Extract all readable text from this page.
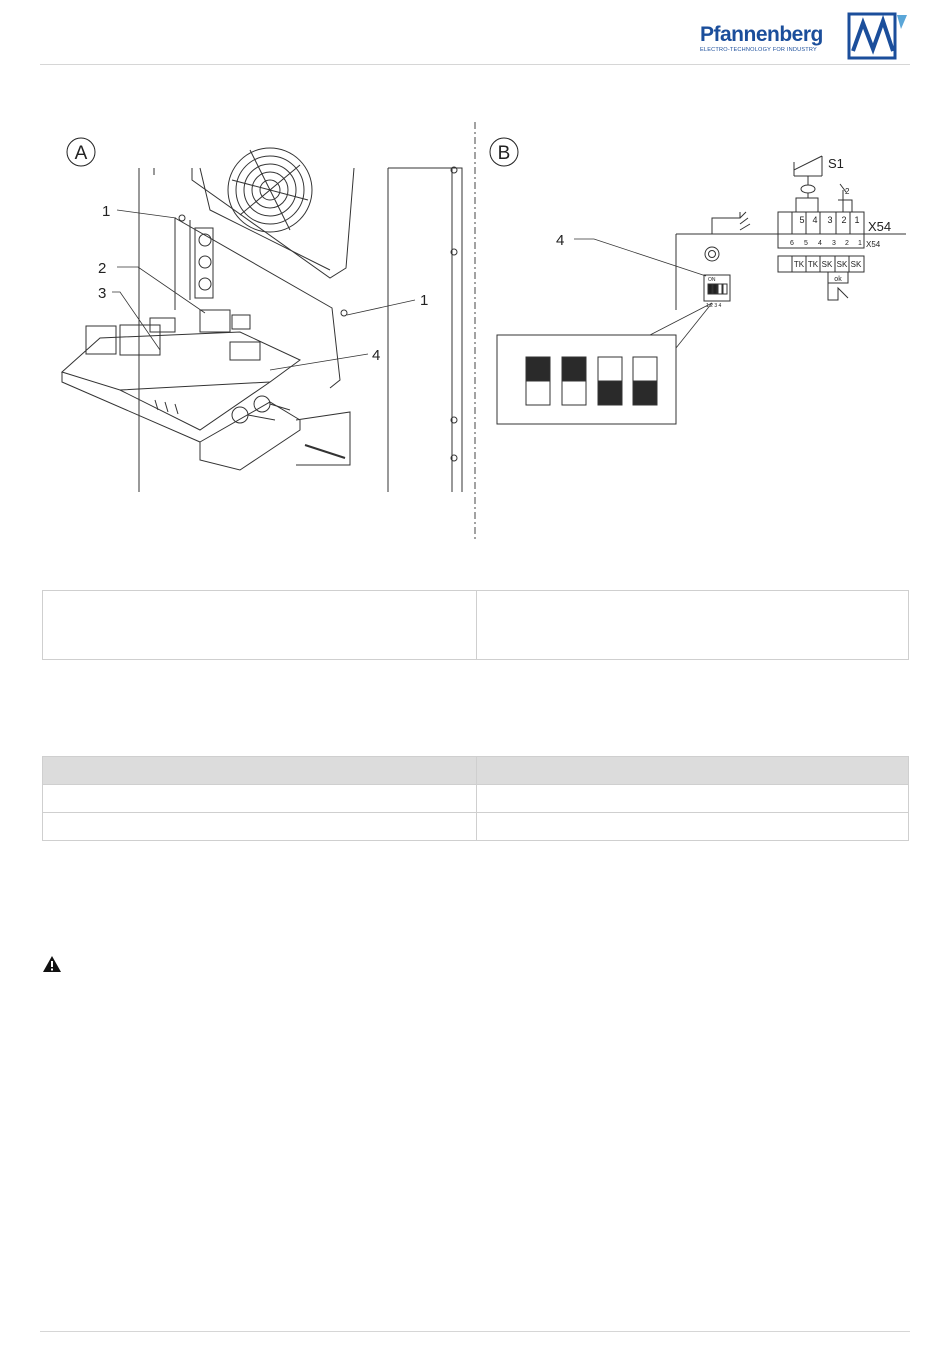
Pfannenberg
ELECTRO-TECHNOLOGY FOR INDUSTRY
A
1
2
3	1
4
B	S1
2
X54
X54
5 4 3 2 1
6 5 4 3 2 1
TK TK SK SK SK
ok
ON
1 2 3 4
4
